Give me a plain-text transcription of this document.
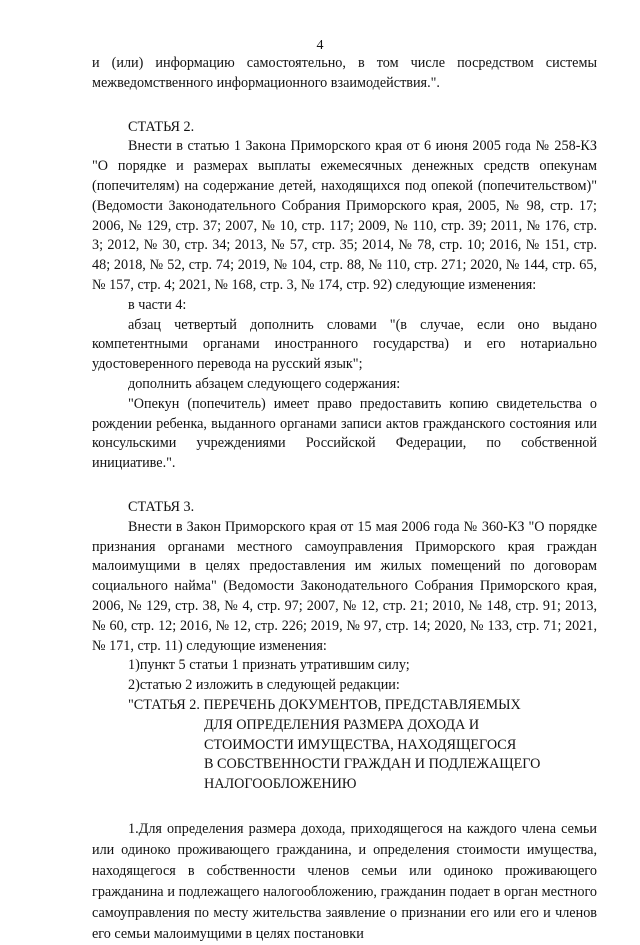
4

и (или) информацию самостоятельно, в том числе посредством системы межведомственного информационного взаимодействия.".

СТАТЬЯ 2.

Внести в статью 1 Закона Приморского края от 6 июня 2005 года № 258-КЗ "О порядке и размерах выплаты ежемесячных денежных средств опекунам (попечителям) на содержание детей, находящихся под опекой (попечительством)" (Ведомости Законодательного Собрания Приморского края, 2005, № 98, стр. 17; 2006, № 129, стр. 37; 2007, № 10, стр. 117; 2009, № 110, стр. 39; 2011, № 176, стр. 3; 2012, № 30, стр. 34; 2013, № 57, стр. 35; 2014, № 78, стр. 10; 2016, № 151, стр. 48; 2018, № 52, стр. 74; 2019, № 104, стр. 88, № 110, стр. 271; 2020, № 144, стр. 65, № 157, стр. 4; 2021, № 168, стр. 3, № 174, стр. 92) следующие изменения:

в части 4:

абзац четвертый дополнить словами "(в случае, если оно выдано компетентными органами иностранного государства) и его нотариально удостоверенного перевода на русский язык";

дополнить абзацем следующего содержания:

"Опекун (попечитель) имеет право предоставить копию свидетельства о рождении ребенка, выданного органами записи актов гражданского состояния или консульскими учреждениями Российской Федерации, по собственной инициативе.".

СТАТЬЯ 3.

Внести в Закон Приморского края от 15 мая 2006 года № 360-КЗ "О порядке признания органами местного самоуправления Приморского края граждан малоимущими в целях предоставления им жилых помещений по договорам социального найма" (Ведомости Законодательного Собрания Приморского края, 2006, № 129, стр. 38, № 4, стр. 97; 2007, № 12, стр. 21; 2010, № 148, стр. 91; 2013, № 60, стр. 12; 2016, № 12, стр. 226; 2019, № 97, стр. 14; 2020, № 133, стр. 71; 2021, № 171, стр. 11) следующие изменения:

1)пункт 5 статьи 1 признать утратившим силу;

2)статью 2 изложить в следующей редакции:

"СТАТЬЯ 2. ПЕРЕЧЕНЬ ДОКУМЕНТОВ, ПРЕДСТАВЛЯЕМЫХ
ДЛЯ ОПРЕДЕЛЕНИЯ РАЗМЕРА ДОХОДА И
СТОИМОСТИ ИМУЩЕСТВА, НАХОДЯЩЕГОСЯ
В СОБСТВЕННОСТИ ГРАЖДАН И ПОДЛЕЖАЩЕГО
НАЛОГООБЛОЖЕНИЮ

1.Для определения размера дохода, приходящегося на каждого члена семьи или одиноко проживающего гражданина, и определения стоимости имущества, находящегося в собственности членов семьи или одиноко проживающего гражданина и подлежащего налогообложению, гражданин подает в орган местного самоуправления по месту жительства заявление о признании его или его и членов его семьи малоимущими в целях постановки
